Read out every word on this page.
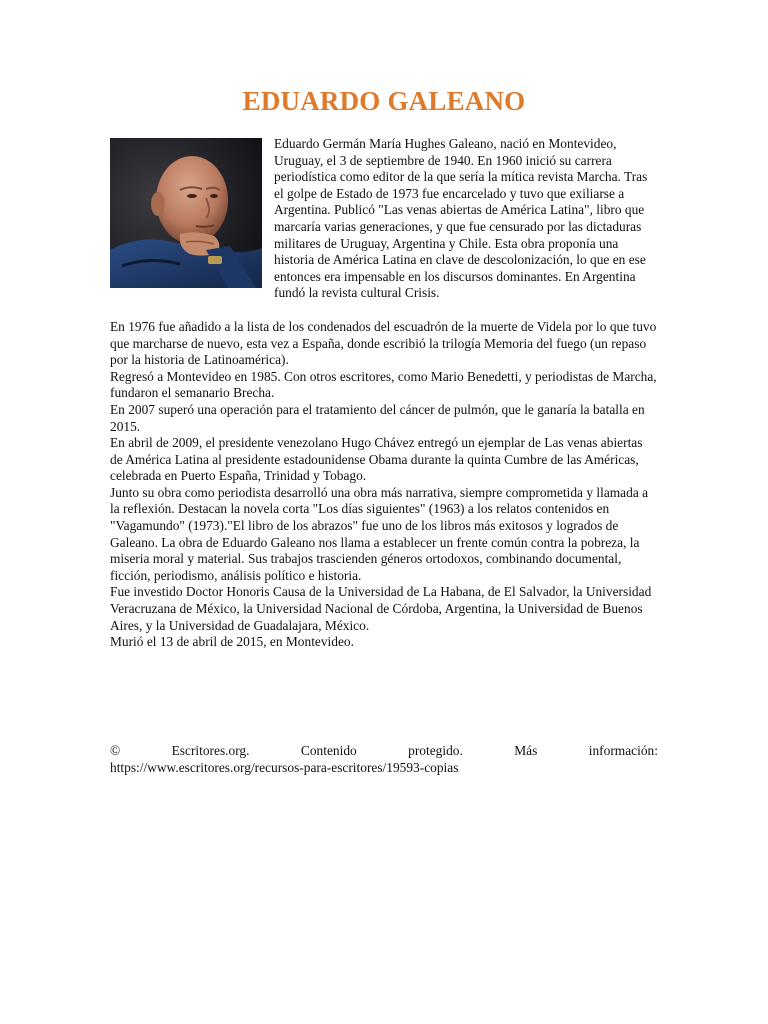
EDUARDO GALEANO

Eduardo Germán María Hughes Galeano, nació en Montevideo, Uruguay, el 3 de septiembre de 1940. En 1960 inició su carrera periodística como editor de la que sería la mítica revista Marcha. Tras el golpe de Estado de 1973 fue encarcelado y tuvo que exiliarse a Argentina. Publicó "Las venas abiertas de América Latina", libro que marcaría varias generaciones, y que fue censurado por las dictaduras militares de Uruguay, Argentina y Chile. Esta obra proponía una historia de América Latina en clave de descolonización, lo que en ese entonces era impensable en los discursos dominantes. En Argentina fundó la revista cultural Crisis.

En 1976 fue añadido a la lista de los condenados del escuadrón de la muerte de Videla por lo que tuvo que marcharse de nuevo, esta vez a España, donde escribió la trilogía Memoria del fuego (un repaso por la historia de Latinoamérica).

Regresó a Montevideo en 1985. Con otros escritores, como Mario Benedetti, y periodistas de Marcha, fundaron el semanario Brecha.

En 2007 superó una operación para el tratamiento del cáncer de pulmón, que le ganaría la batalla en 2015.

En abril de 2009, el presidente venezolano Hugo Chávez entregó un ejemplar de Las venas abiertas de América Latina al presidente estadounidense Obama durante la quinta Cumbre de las Américas, celebrada en Puerto España, Trinidad y Tobago.

Junto su obra como periodista desarrolló una obra más narrativa, siempre comprometida y llamada a la reflexión. Destacan la novela corta "Los días siguientes" (1963) a los relatos contenidos en "Vagamundo" (1973)."El libro de los abrazos" fue uno de los libros más exitosos y logrados de Galeano. La obra de Eduardo Galeano nos llama a establecer un frente común contra la pobreza, la miseria moral y material. Sus trabajos trascienden géneros ortodoxos, combinando documental, ficción, periodismo, análisis político e historia.

Fue investido Doctor Honoris Causa de la Universidad de La Habana, de El Salvador, la Universidad Veracruzana de México, la Universidad Nacional de Córdoba, Argentina, la Universidad de Buenos Aires, y la Universidad de Guadalajara, México.

Murió el 13 de abril de 2015, en Montevideo.

©	Escritores.org.	Contenido	protegido.	Más	información:
https://www.escritores.org/recursos-para-escritores/19593-copias
